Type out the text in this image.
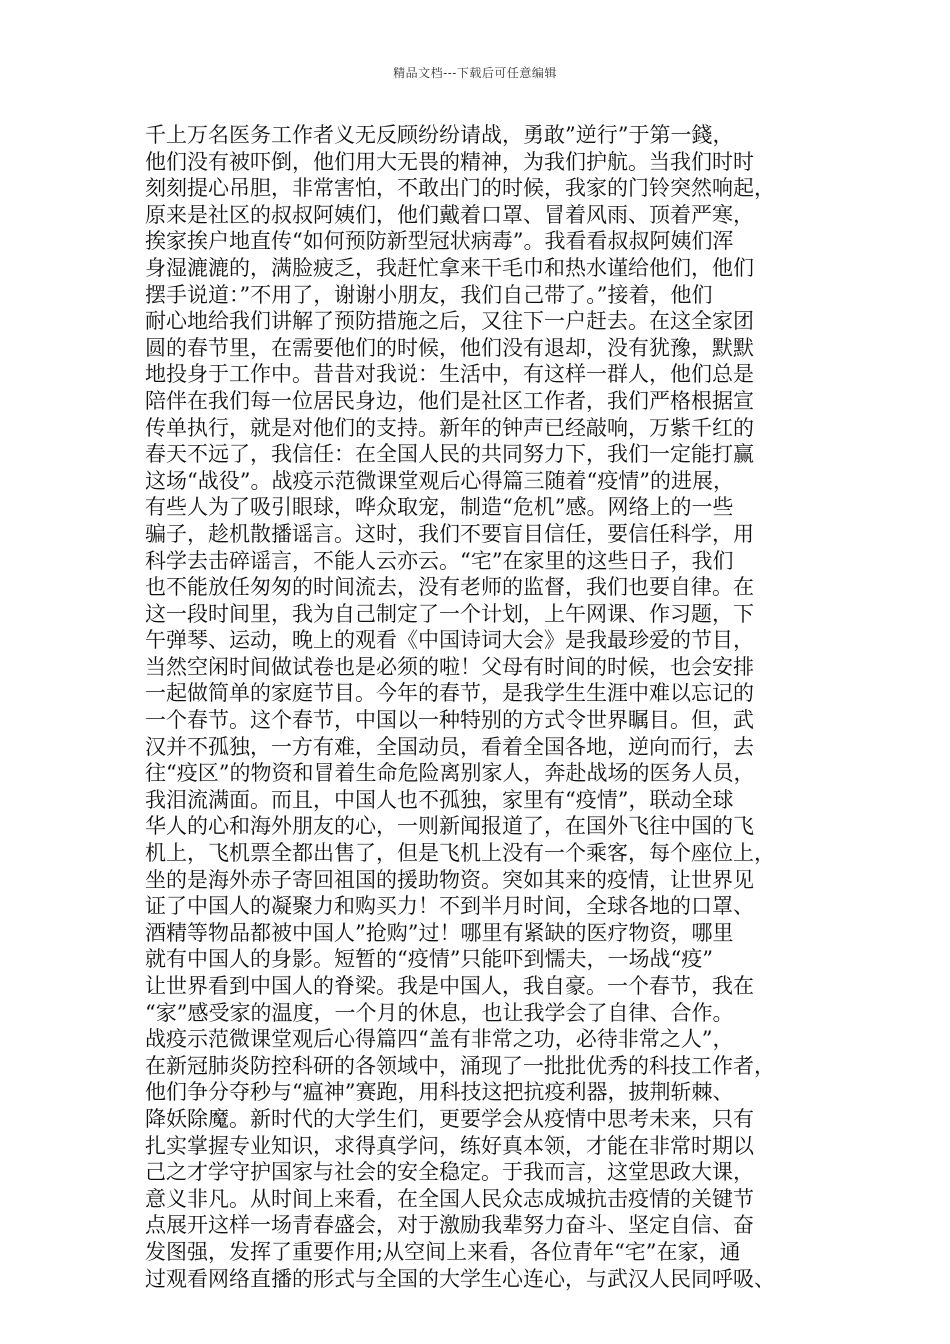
精品文档---下载后可任意编辑
千上万名医务工作者义无反顾纷纷请战，勇敢”逆行”于第一錢，
他们没有被吓倒，他们用大无畏的精神，为我们护航。当我们时时
刻刻提心吊胆，非常害怕，不敢出门的时候，我家的门铃突然响起，
原来是社区的叔叔阿姨们，他们戴着口罩、冒着风雨、顶着严寒，
挨家挨户地直传“如何预防新型冠状病毒”。我看看叔叔阿姨们浑
身湿漉漉的，满脸疲乏，我赶忙拿来干毛巾和热水谨给他们，他们
摆手说道：”不用了，谢谢小朋友，我们自己带了。”接着，他们
耐心地给我们讲解了预防措施之后，又往下一户赶去。在这全家团
圆的春节里，在需要他们的时候，他们没有退却，没有犹豫，默默
地投身于工作中。昔昔对我说：生活中，有这样一群人，他们总是
陪伴在我们每一位居民身边，他们是社区工作者，我们严格根据宣
传单执行，就是对他们的支持。新年的钟声已经敲响，万紫千红的
春天不远了，我信任：在全国人民的共同努力下，我们一定能打赢
这场“战役”。战疫示范微课堂观后心得篇三随着“疫情”的进展，
有些人为了吸引眼球，哗众取宠，制造“危机”感。网络上的一些
骗子，趁机散播谣言。这时，我们不要盲目信任，要信任科学，用
科学去击碎谣言，不能人云亦云。“宅”在家里的这些日子，我们
也不能放任匆匆的时间流去，没有老师的监督，我们也要自律。在
这一段时间里，我为自己制定了一个计划，上午网课、作习题，下
午弹琴、运动，晚上的观看《中国诗词大会》是我最珍爱的节目，
当然空闲时间做试卷也是必须的啦！父母有时间的时候，也会安排
一起做简单的家庭节目。今年的春节，是我学生生涯中难以忘记的
一个春节。这个春节，中国以一种特别的方式令世界瞩目。但，武
汉并不孤独，一方有难，全国动员，看着全国各地，逆向而行，去
往“疫区”的物资和冒着生命危险离别家人，奔赴战场的医务人员，
我泪流满面。而且，中国人也不孤独，家里有“疫情”，联动全球
华人的心和海外朋友的心，一则新闻报道了，在国外飞往中国的飞
机上，飞机票全都出售了，但是飞机上没有一个乘客，每个座位上，
坐的是海外赤子寄回祖国的援助物资。突如其来的疫情，让世界见
证了中国人的凝聚力和购买力！不到半月时间，全球各地的口罩、
酒精等物品都被中国人”抢购”过！哪里有紧缺的医疗物资，哪里
就有中国人的身影。短暂的“疫情”只能吓到懦夫，一场战“疫”
让世界看到中国人的脊梁。我是中国人，我自豪。一个春节，我在
“家”感受家的温度，一个月的休息，也让我学会了自律、合作。
战疫示范微课堂观后心得篇四“盖有非常之功，必待非常之人”，
在新冠肺炎防控科研的各领域中，涌现了一批批优秀的科技工作者，
他们争分夺秒与“瘟神”赛跑，用科技这把抗疫利器，披荆斩棘、
降妖除魔。新时代的大学生们，更要学会从疫情中思考未来，只有
扎实掌握专业知识，求得真学问，练好真本领，才能在非常时期以
己之才学守护国家与社会的安全稳定。于我而言，这堂思政大课，
意义非凡。从时间上来看，在全国人民众志成城抗击疫情的关键节
点展开这样一场青春盛会，对于激励我辈努力奋斗、坚定自信、奋
发图强，发挥了重要作用;从空间上来看，各位青年“宅”在家，通
过观看网络直播的形式与全国的大学生心连心，与武汉人民同呼吸、
